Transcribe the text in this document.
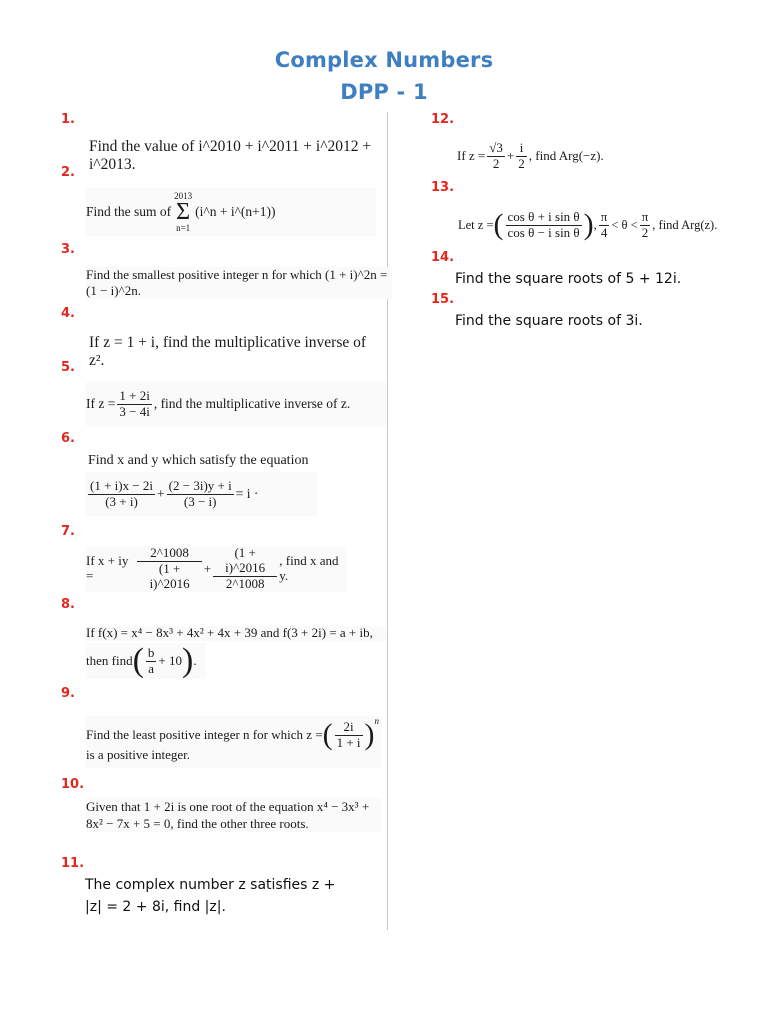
Complex Numbers
DPP - 1
1.
2.
3.
4.
5.
6.
7.
8.
9.
10.
11.
12.
13.
14.
15.
Find the value of i^2010 + i^2011 + i^2012 + i^2013.
Find the sum of
2013
Σ
n=1
(i^n + i^(n+1))
Find the smallest positive integer n for which (1 + i)^2n = (1 − i)^2n.
If z = 1 + i, find the multiplicative inverse of z².
If $z = \frac{1 + 2i}{3 - 4i}$ , find the multiplicative inverse of z.
Find x and y which satisfy the equation
$\frac{(1 + i)x - 2i}{(3 + i)} + \frac{(2 - 3i)y + i}{(3 - i)} = i$ ·
If x + iy =	$\frac{2\^{}1008}{(1 + i)\^{}2016} + \frac{(1 + i)\^{}2016}{2\^{}1008}$ , find x and y.
If f(x) = x⁴ − 8x³ + 4x² + 4x + 39 and f(3 + 2i) = a + ib,
then find ( $\frac{b}{a} + 10$ ) .
Find the least positive integer n for which z = ( $\frac{2i}{1 + i}$ ) $^n$
is a positive integer.
Given that 1 + 2i is one root of the equation x⁴ − 3x³ +
8x² − 7x + 5 = 0, find the other three roots.
The complex number z satisfies z +
|z| = 2 + 8i, find |z|.
If $z = \frac{√3}{2} + \frac{i}{2}$ , find Arg(−z).
Let z = ( $\frac{\text{cos θ + i sin θ}}{\text{cos θ − i sin θ}}$ ) , $\frac{\pi}{4} < \theta < \frac{\pi}{2}$ , find Arg(z).
Find the square roots of 5 + 12i.
Find the square roots of 3i.
